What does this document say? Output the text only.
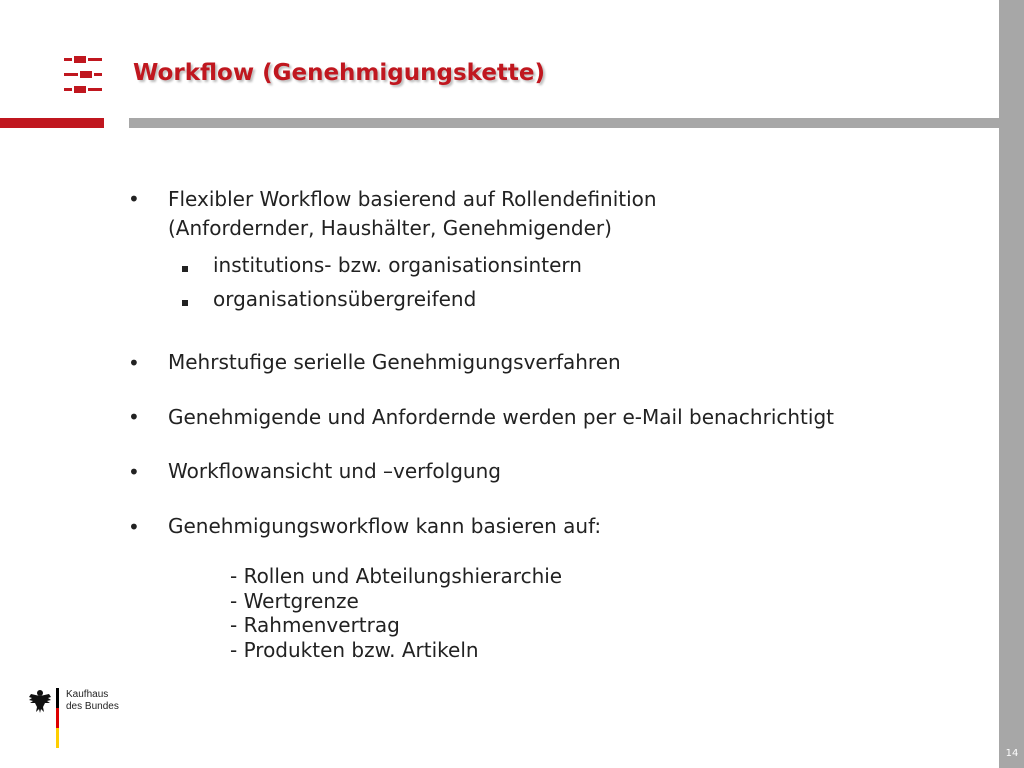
14
Workflow (Genehmigungskette)
• Flexibler Workflow basierend auf Rollendefinition
(Anfordernder, Haushälter, Genehmigender)
institutions- bzw. organisationsintern
organisationsübergreifend
• Mehrstufige serielle Genehmigungsverfahren
• Genehmigende und Anfordernde werden per e-Mail benachrichtigt
• Workflowansicht und –verfolgung
• Genehmigungsworkflow kann basieren auf:
- Rollen und Abteilungshierarchie
- Wertgrenze
- Rahmenvertrag
- Produkten bzw. Artikeln
Kaufhaus
des Bundes
